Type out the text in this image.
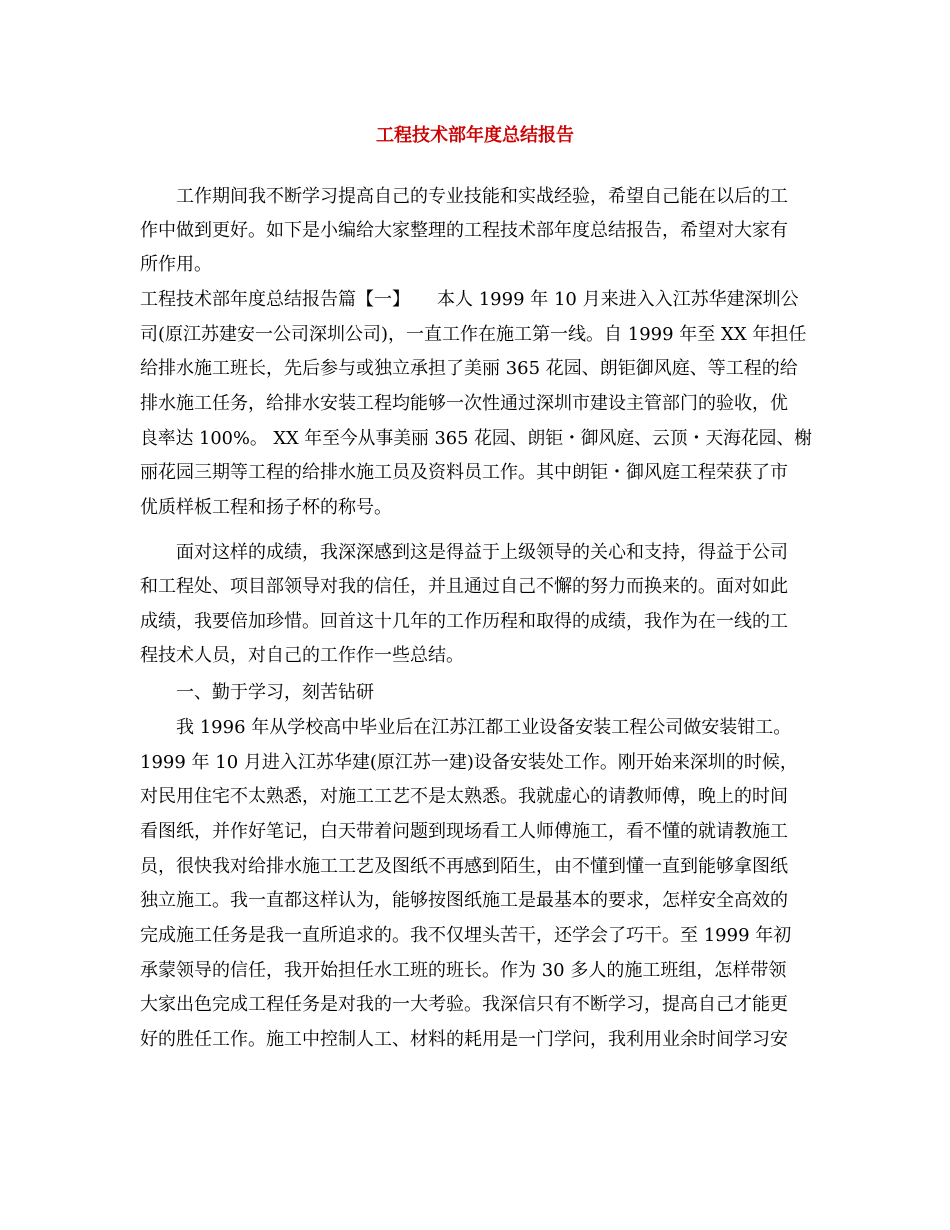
工程技术部年度总结报告
工作期间我不断学习提高自己的专业技能和实战经验，希望自己能在以后的工
作中做到更好。如下是小编给大家整理的工程技术部年度总结报告，希望对大家有
所作用。
工程技术部年度总结报告篇【一】　　本人 1999 年 10 月来进入入江苏华建深圳公
司(原江苏建安一公司深圳公司)，一直工作在施工第一线。自 1999 年至 XX 年担任
给排水施工班长，先后参与或独立承担了美丽 365 花园、朗钜御风庭、等工程的给
排水施工任务，给排水安装工程均能够一次性通过深圳市建设主管部门的验收，优
良率达 100%。 XX 年至今从事美丽 365 花园、朗钜・御风庭、云顶・天海花园、榭
丽花园三期等工程的给排水施工员及资料员工作。其中朗钜・御风庭工程荣获了市
优质样板工程和扬子杯的称号。
面对这样的成绩，我深深感到这是得益于上级领导的关心和支持，得益于公司
和工程处、项目部领导对我的信任，并且通过自己不懈的努力而换来的。面对如此
成绩，我要倍加珍惜。回首这十几年的工作历程和取得的成绩，我作为在一线的工
程技术人员，对自己的工作作一些总结。
一、勤于学习，刻苦钻研
我 1996 年从学校高中毕业后在江苏江都工业设备安装工程公司做安装钳工。
1999 年 10 月进入江苏华建(原江苏一建)设备安装处工作。刚开始来深圳的时候，
对民用住宅不太熟悉，对施工工艺不是太熟悉。我就虚心的请教师傅，晚上的时间
看图纸，并作好笔记，白天带着问题到现场看工人师傅施工，看不懂的就请教施工
员，很快我对给排水施工工艺及图纸不再感到陌生，由不懂到懂一直到能够拿图纸
独立施工。我一直都这样认为，能够按图纸施工是最基本的要求，怎样安全高效的
完成施工任务是我一直所追求的。我不仅埋头苦干，还学会了巧干。至 1999 年初
承蒙领导的信任，我开始担任水工班的班长。作为 30 多人的施工班组，怎样带领
大家出色完成工程任务是对我的一大考验。我深信只有不断学习，提高自己才能更
好的胜任工作。施工中控制人工、材料的耗用是一门学问，我利用业余时间学习安
